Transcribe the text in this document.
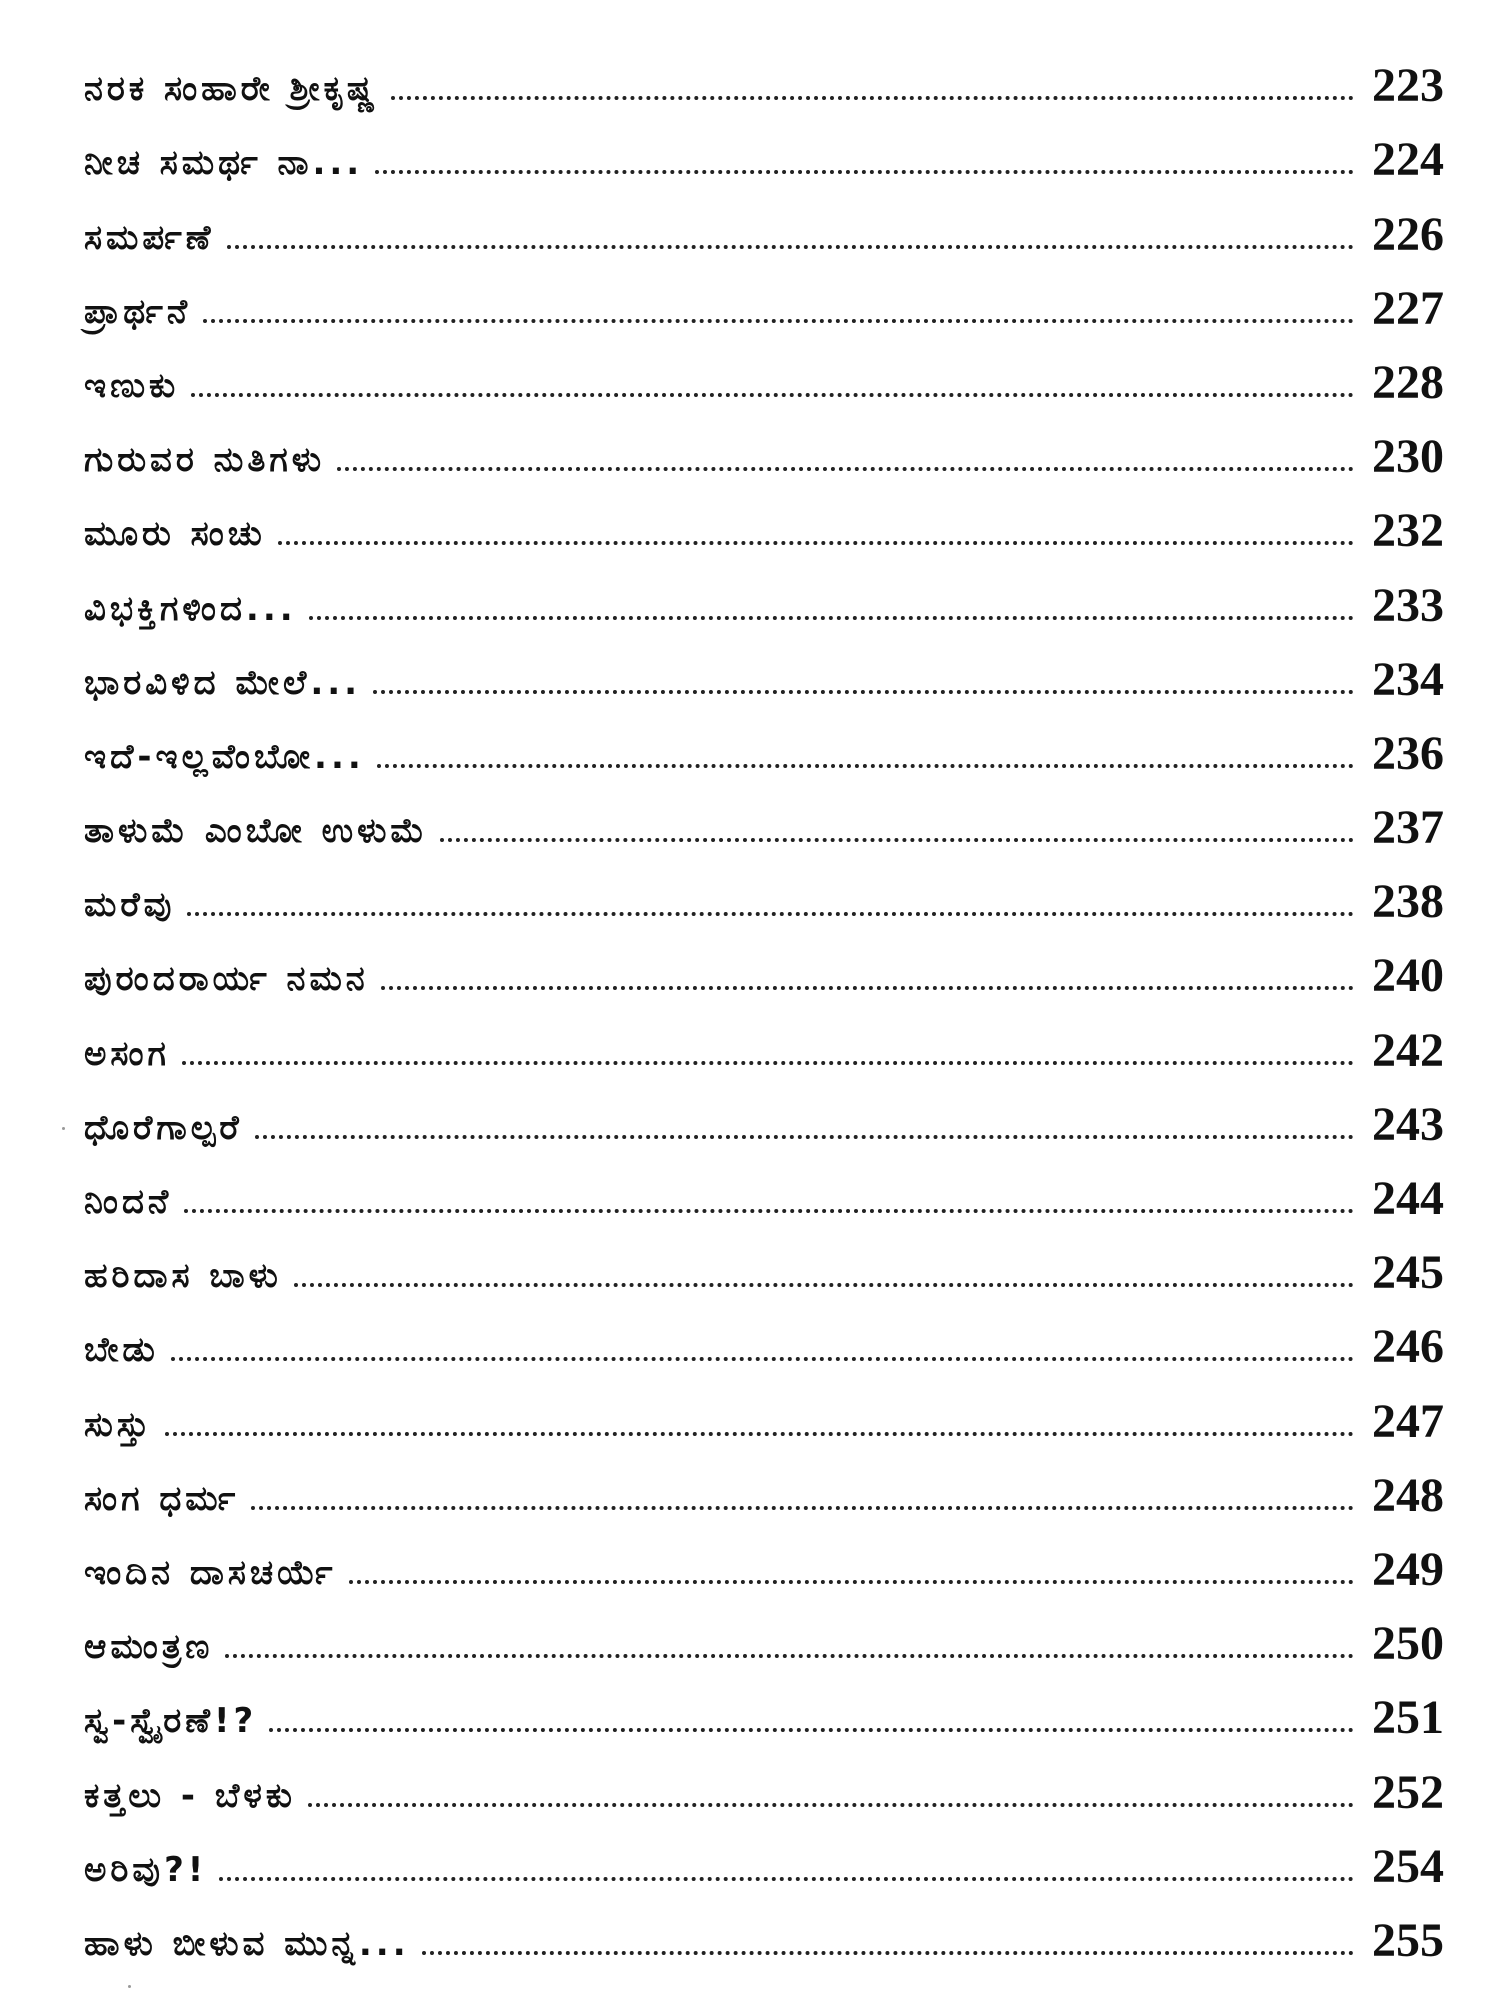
ನರಕ ಸಂಹಾರೇ ಶ್ರೀಕೃಷ್ಣ	223
ನೀಚ ಸಮರ್ಥ ನಾ...	224
ಸಮರ್ಪಣೆ	226
ಪ್ರಾರ್ಥನೆ	227
ಇಣುಕು	228
ಗುರುವರ ನುತಿಗಳು	230
ಮೂರು ಸಂಚು	232
ವಿಭಕ್ತಿಗಳಿಂದ...	233
ಭಾರವಿಳಿದ ಮೇಲೆ...	234
ಇದೆ-ಇಲ್ಲವೆಂಬೋ...	236
ತಾಳುಮೆ ಎಂಬೋ ಉಳುಮೆ	237
ಮರೆವು	238
ಪುರಂದರಾರ್ಯ ನಮನ	240
ಅಸಂಗ	242
ಧೊರೆಗಾಲ್ಪರೆ	243
ನಿಂದನೆ	244
ಹರಿದಾಸ ಬಾಳು	245
ಬೇಡು	246
ಸುಸ್ತು	247
ಸಂಗ ಧರ್ಮ	248
ಇಂದಿನ ದಾಸಚರ್ಯೆ	249
ಆಮಂತ್ರಣ	250
ಸ್ವ-ಸ್ವೈರಣೆ!?	251
ಕತ್ತಲು - ಬೆಳಕು	252
ಅರಿವು?!	254
ಹಾಳು ಬೀಳುವ ಮುನ್ನ...	255
